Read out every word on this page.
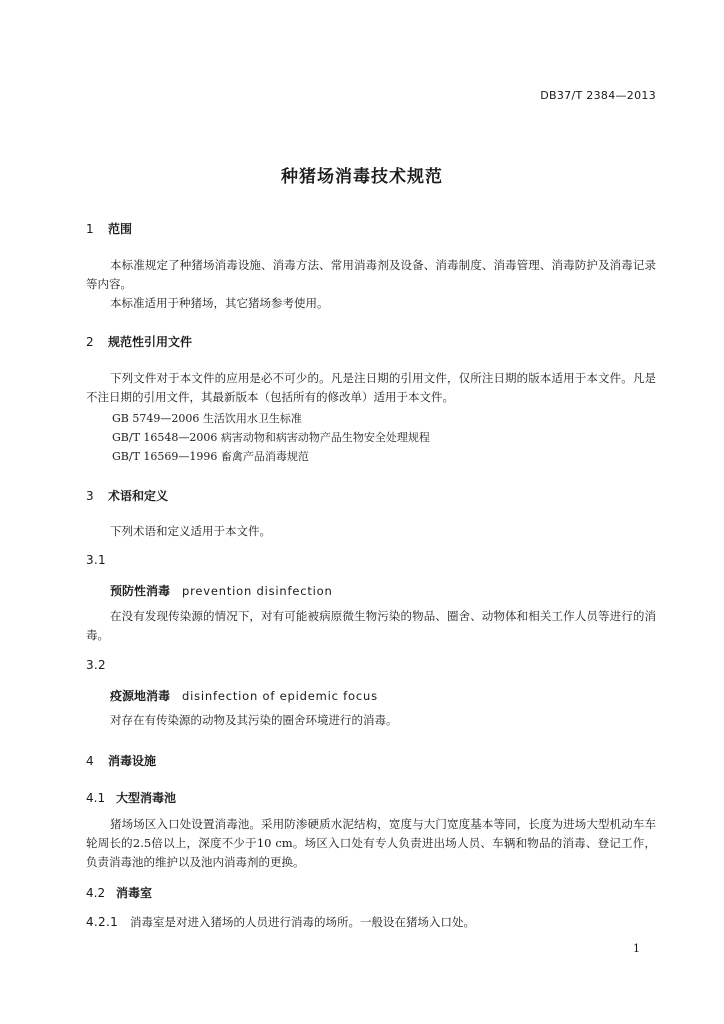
DB37/T 2384—2013
种猪场消毒技术规范
1 范围
本标准规定了种猪场消毒设施、消毒方法、常用消毒剂及设备、消毒制度、消毒管理、消毒防护及消毒记录等内容。
本标准适用于种猪场，其它猪场参考使用。
2 规范性引用文件
下列文件对于本文件的应用是必不可少的。凡是注日期的引用文件，仅所注日期的版本适用于本文件。凡是不注日期的引用文件，其最新版本（包括所有的修改单）适用于本文件。
GB 5749—2006 生活饮用水卫生标准
GB/T 16548—2006 病害动物和病害动物产品生物安全处理规程
GB/T 16569—1996 畜禽产品消毒规范
3 术语和定义
下列术语和定义适用于本文件。
3.1
预防性消毒 prevention disinfection
在没有发现传染源的情况下，对有可能被病原微生物污染的物品、圈舍、动物体和相关工作人员等进行的消毒。
3.2
疫源地消毒 disinfection of epidemic focus
对存在有传染源的动物及其污染的圈舍环境进行的消毒。
4 消毒设施
4.1 大型消毒池
猪场场区入口处设置消毒池。采用防渗硬质水泥结构，宽度与大门宽度基本等同，长度为进场大型机动车车轮周长的2.5倍以上，深度不少于10 cm。场区入口处有专人负责进出场人员、车辆和物品的消毒、登记工作，负责消毒池的维护以及池内消毒剂的更换。
4.2 消毒室
4.2.1 消毒室是对进入猪场的人员进行消毒的场所。一般设在猪场入口处。
1
